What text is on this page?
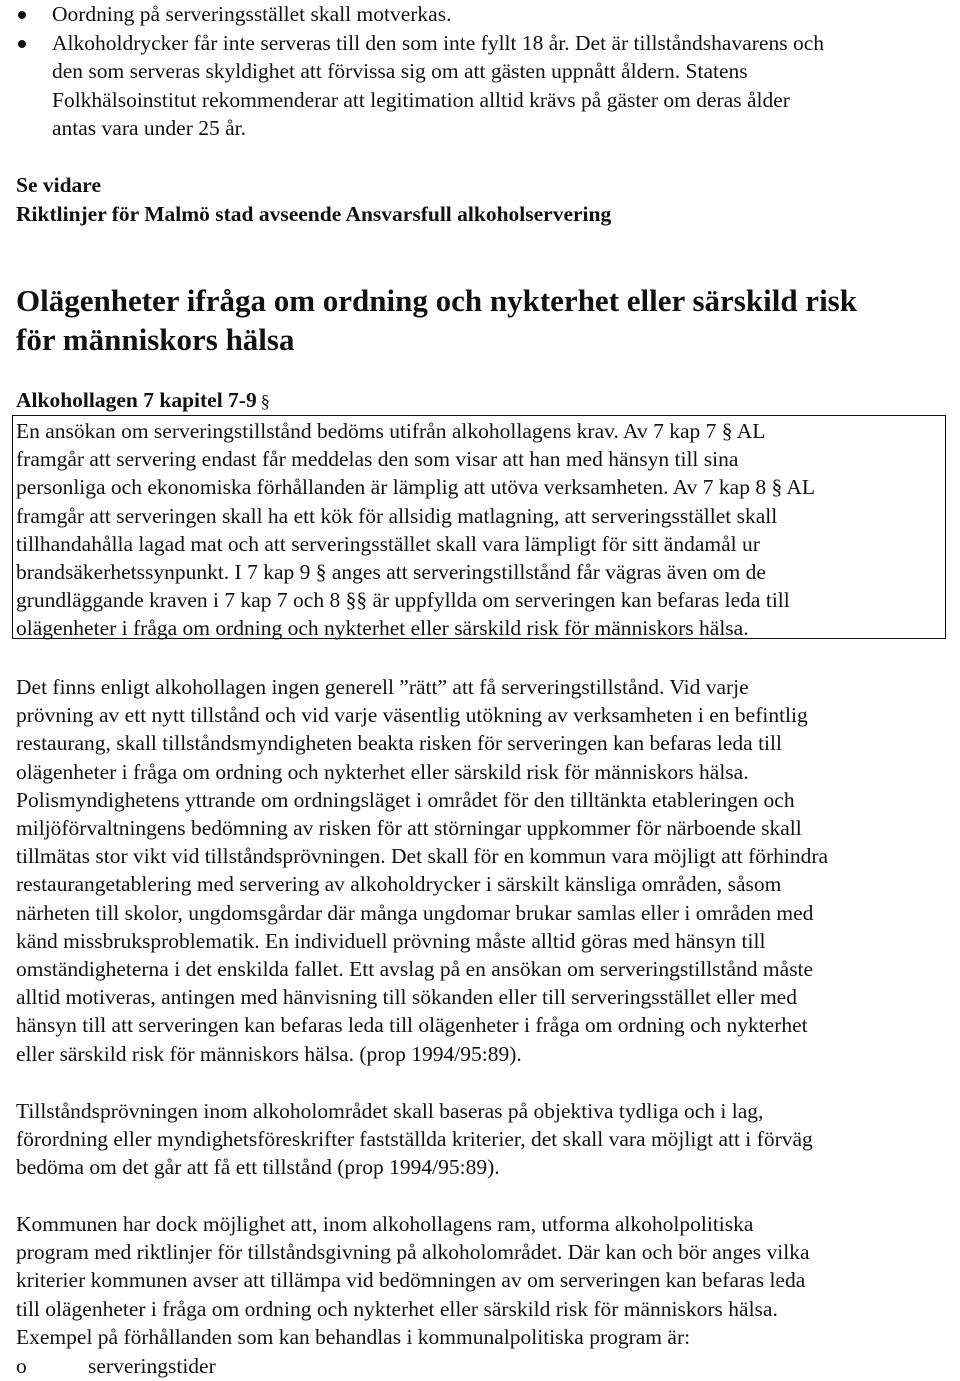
Oordning på serveringsstället skall motverkas.
Alkoholdrycker får inte serveras till den som inte fyllt 18 år. Det är tillståndshavarens och
den som serveras skyldighet att förvissa sig om att gästen uppnått åldern. Statens
Folkhälsoinstitut rekommenderar att legitimation alltid krävs på gäster om deras ålder
antas vara under 25 år.
Se vidare
Riktlinjer för Malmö stad avseende Ansvarsfull alkoholservering
Olägenheter ifråga om ordning och nykterhet eller särskild risk
för människors hälsa
Alkohollagen 7 kapitel 7-9 §
En ansökan om serveringstillstånd bedöms utifrån alkohollagens krav. Av 7 kap 7 § AL
framgår att servering endast får meddelas den som visar att han med hänsyn till sina
personliga och ekonomiska förhållanden är lämplig att utöva verksamheten. Av 7 kap 8 § AL
framgår att serveringen skall ha ett kök för allsidig matlagning, att serveringsstället skall
tillhandahålla lagad mat och att serveringsstället skall vara lämpligt för sitt ändamål ur
brandsäkerhetssynpunkt. I 7 kap 9 § anges att serveringstillstånd får vägras även om de
grundläggande kraven i 7 kap 7 och 8 §§ är uppfyllda om serveringen kan befaras leda till
olägenheter i fråga om ordning och nykterhet eller särskild risk för människors hälsa.
Det finns enligt alkohollagen ingen generell ”rätt” att få serveringstillstånd. Vid varje
prövning av ett nytt tillstånd och vid varje väsentlig utökning av verksamheten i en befintlig
restaurang, skall tillståndsmyndigheten beakta risken för serveringen kan befaras leda till
olägenheter i fråga om ordning och nykterhet eller särskild risk för människors hälsa.
Polismyndighetens yttrande om ordningsläget i området för den tilltänkta etableringen och
miljöförvaltningens bedömning av risken för att störningar uppkommer för närboende skall
tillmätas stor vikt vid tillståndsprövningen. Det skall för en kommun vara möjligt att förhindra
restaurangetablering med servering av alkoholdrycker i särskilt känsliga områden, såsom
närheten till skolor, ungdomsgårdar där många ungdomar brukar samlas eller i områden med
känd missbruksproblematik. En individuell prövning måste alltid göras med hänsyn till
omständigheterna i det enskilda fallet. Ett avslag på en ansökan om serveringstillstånd måste
alltid motiveras, antingen med hänvisning till sökanden eller till serveringsstället eller med
hänsyn till att serveringen kan befaras leda till olägenheter i fråga om ordning och nykterhet
eller särskild risk för människors hälsa. (prop 1994/95:89).
Tillståndsprövningen inom alkoholområdet skall baseras på objektiva tydliga och i lag,
förordning eller myndighetsföreskrifter fastställda kriterier, det skall vara möjligt att i förväg
bedöma om det går att få ett tillstånd (prop 1994/95:89).
Kommunen har dock möjlighet att, inom alkohollagens ram, utforma alkoholpolitiska
program med riktlinjer för tillståndsgivning på alkoholområdet. Där kan och bör anges vilka
kriterier kommunen avser att tillämpa vid bedömningen av om serveringen kan befaras leda
till olägenheter i fråga om ordning och nykterhet eller särskild risk för människors hälsa.
Exempel på förhållanden som kan behandlas i kommunalpolitiska program är:
o	serveringstider
